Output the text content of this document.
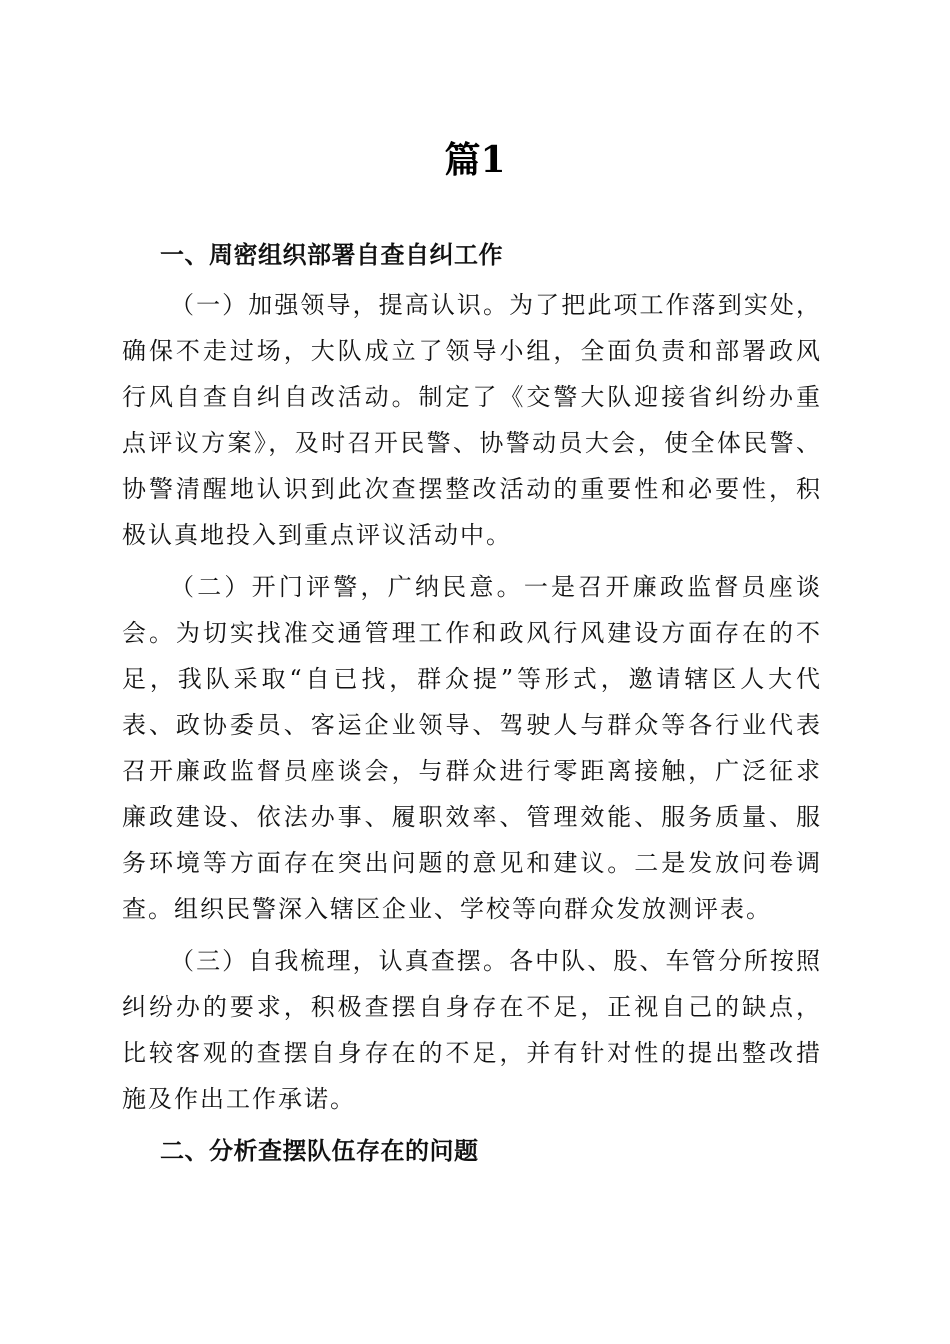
篇1
一、周密组织部署自查自纠工作

（一）加强领导，提高认识。为了把此项工作落到实处，确保不走过场，大队成立了领导小组，全面负责和部署政风行风自查自纠自改活动。制定了《交警大队迎接省纠纷办重点评议方案》，及时召开民警、协警动员大会，使全体民警、协警清醒地认识到此次查摆整改活动的重要性和必要性，积极认真地投入到重点评议活动中。

（二）开门评警，广纳民意。一是召开廉政监督员座谈会。为切实找准交通管理工作和政风行风建设方面存在的不足，我队采取“自已找，群众提”等形式，邀请辖区人大代表、政协委员、客运企业领导、驾驶人与群众等各行业代表召开廉政监督员座谈会，与群众进行零距离接触，广泛征求廉政建设、依法办事、履职效率、管理效能、服务质量、服务环境等方面存在突出问题的意见和建议。二是发放问卷调查。组织民警深入辖区企业、学校等向群众发放测评表。

（三）自我梳理，认真查摆。各中队、股、车管分所按照纠纷办的要求，积极查摆自身存在不足，正视自己的缺点，比较客观的查摆自身存在的不足，并有针对性的提出整改措施及作出工作承诺。

二、分析查摆队伍存在的问题
